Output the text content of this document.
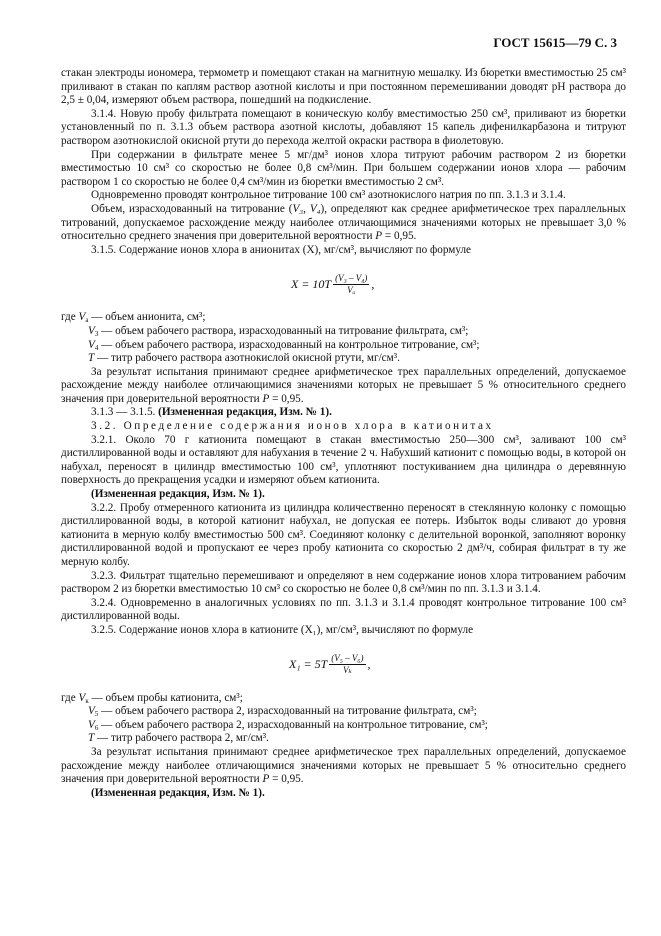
ГОСТ 15615—79 С. 3

стакан электроды иономера, термометр и помещают стакан на магнитную мешалку. Из бюретки вместимостью 25 см³ приливают в стакан по каплям раствор азотной кислоты и при постоянном перемешивании доводят pH раствора до 2,5 ± 0,04, измеряют объем раствора, пошедший на подкисление.

3.1.4. Новую пробу фильтрата помещают в коническую колбу вместимостью 250 см³, приливают из бюретки установленный по п. 3.1.3 объем раствора азотной кислоты, добавляют 15 капель дифенилкарбазона и титруют раствором азотнокислой окисной ртути до перехода желтой окраски раствора в фиолетовую.

При содержании в фильтрате менее 5 мг/дм³ ионов хлора титруют рабочим раствором 2 из бюретки вместимостью 10 см³ со скоростью не более 0,8 см³/мин. При большем содержании ионов хлора — рабочим раствором 1 со скоростью не более 0,4 см³/мин из бюретки вместимостью 2 см³.

Одновременно проводят контрольное титрование 100 см³ азотнокислого натрия по пп. 3.1.3 и 3.1.4.

Объем, израсходованный на титрование (V₃, V₄), определяют как среднее арифметическое трех параллельных титрований, допускаемое расхождение между наиболее отличающимися значениями которых не превышает 3,0 % относительно среднего значения при доверительной вероятности P = 0,95.

3.1.5. Содержание ионов хлора в анионитах (X), мг/см³, вычисляют по формуле

$X = 10T \frac{\text{(V₃ – V₄)}}{\text{Vₐ}}$ ,

где $V_а$ — объем анионита, см³;

$V_3$ — объем рабочего раствора, израсходованный на титрование фильтрата, см³;

$V_4$ — объем рабочего раствора, израсходованный на контрольное титрование, см³;

T — титр рабочего раствора азотнокислой окисной ртути, мг/см³.

За результат испытания принимают среднее арифметическое трех параллельных определений, допускаемое расхождение между наиболее отличающимися значениями которых не превышает 5 % относительного среднего значения при доверительной вероятности P = 0,95.

3.1.3 — 3.1.5. (Измененная редакция, Изм. № 1).

3.2. Определение содержания ионов хлора в катионитах

3.2.1. Около 70 г катионита помещают в стакан вместимостью 250—300 см³, заливают 100 см³ дистиллированной воды и оставляют для набухания в течение 2 ч. Набухший катионит с помощью воды, в которой он набухал, переносят в цилиндр вместимостью 100 см³, уплотняют постукиванием дна цилиндра о деревянную поверхность до прекращения усадки и измеряют объем катионита.

(Измененная редакция, Изм. № 1).

3.2.2. Пробу отмеренного катионита из цилиндра количественно переносят в стеклянную колонку с помощью дистиллированной воды, в которой катионит набухал, не допуская ее потерь. Избыток воды сливают до уровня катионита в мерную колбу вместимостью 500 см³. Соединяют колонку с делительной воронкой, заполняют воронку дистиллированной водой и пропускают ее через пробу катионита со скоростью 2 дм³/ч, собирая фильтрат в ту же мерную колбу.

3.2.3. Фильтрат тщательно перемешивают и определяют в нем содержание ионов хлора титрованием рабочим раствором 2 из бюретки вместимостью 10 см³ со скоростью не более 0,8 см³/мин по пп. 3.1.3 и 3.1.4.

3.2.4. Одновременно в аналогичных условиях по пп. 3.1.3 и 3.1.4 проводят контрольное титрование 100 см³ дистиллированной воды.

3.2.5. Содержание ионов хлора в катионите (X₁), мг/см³, вычисляют по формуле

$X_1 = 5T \frac{\text{(V₅ – V₆)}}{\text{Vₖ}}$ ,

где $V_к$ — объем пробы катионита, см³;

$V_5$ — объем рабочего раствора 2, израсходованный на титрование фильтрата, см³;

$V_6$ — объем рабочего раствора 2, израсходованный на контрольное титрование, см³;

T — титр рабочего раствора 2, мг/см³.

За результат испытания принимают среднее арифметическое трех параллельных определений, допускаемое расхождение между наиболее отличающимися значениями которых не превышает 5 % относительно среднего значения при доверительной вероятности P = 0,95.

(Измененная редакция, Изм. № 1).
